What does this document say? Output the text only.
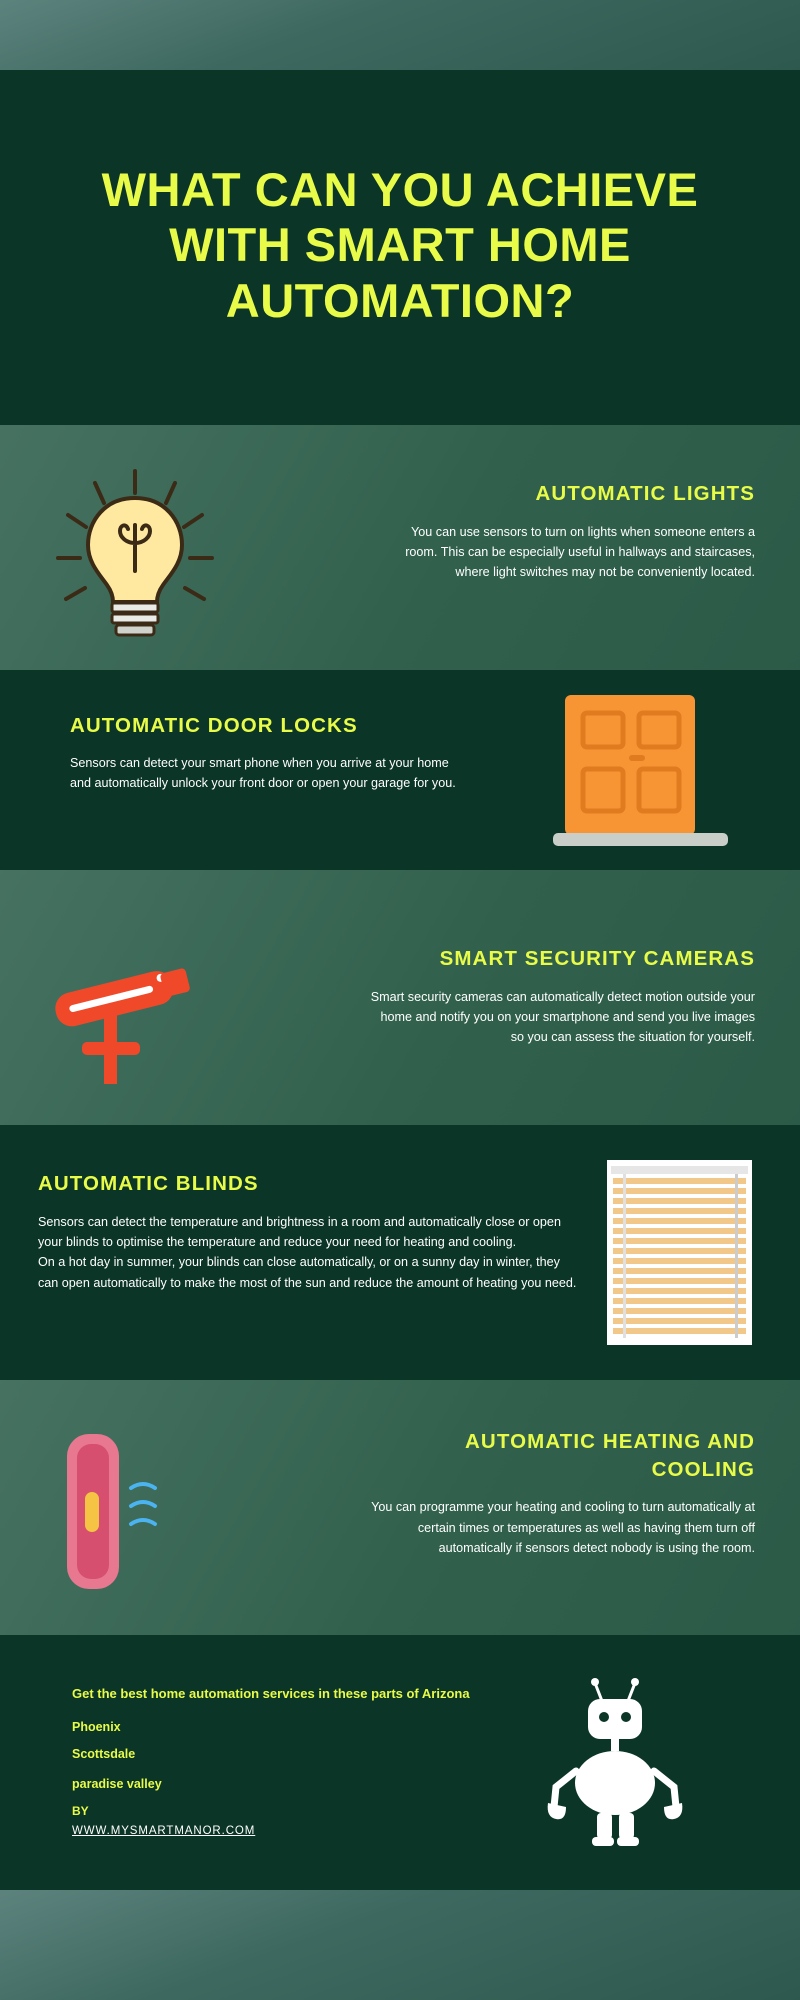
WHAT CAN YOU ACHIEVE WITH SMART HOME AUTOMATION?
AUTOMATIC LIGHTS
You can use sensors to turn on lights when someone enters a room. This can be especially useful in hallways and staircases, where light switches may not be conveniently located.
AUTOMATIC DOOR LOCKS
Sensors can detect your smart phone when you arrive at your home and automatically unlock your front door or open your garage for you.
SMART SECURITY CAMERAS
Smart security cameras can automatically detect motion outside your home and notify you on your smartphone and send you live images so you can assess the situation for yourself.
AUTOMATIC BLINDS
Sensors can detect the temperature and brightness in a room and automatically close or open your blinds to optimise the temperature and reduce your need for heating and cooling.
On a hot day in summer, your blinds can close automatically, or on a sunny day in winter, they can open automatically to make the most of the sun and reduce the amount of heating you need.
AUTOMATIC HEATING AND COOLING
You can programme your heating and cooling to turn automatically at certain times or temperatures as well as having them turn off automatically if sensors detect nobody is using the room.
Get the best home automation services in these parts of Arizona
Phoenix
Scottsdale
paradise valley
BY
WWW.MYSMARTMANOR.COM
